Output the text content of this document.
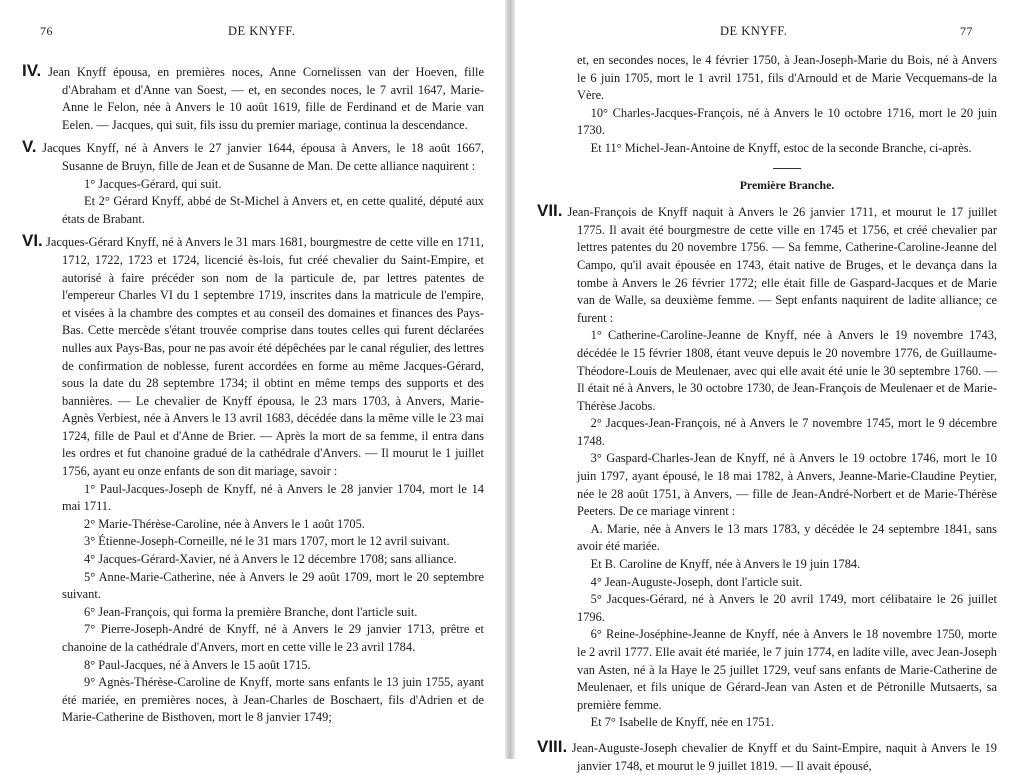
76	DE KNYFF.

IV. Jean Knyff épousa, en premières noces, Anne Cornelissen van der Hoeven, fille d'Abraham et d'Anne van Soest, — et, en secondes noces, le 7 avril 1647, Marie-Anne le Felon, née à Anvers le 10 août 1619, fille de Ferdinand et de Marie van Eelen. — Jacques, qui suit, fils issu du premier mariage, continua la descendance.

V. Jacques Knyff, né à Anvers le 27 janvier 1644, épousa à Anvers, le 18 août 1667, Susanne de Bruyn, fille de Jean et de Susanne de Man. De cette alliance naquirent :

1° Jacques-Gérard, qui suit.

Et 2° Gérard Knyff, abbé de St-Michel à Anvers et, en cette qualité, député aux états de Brabant.

VI. Jacques-Gérard Knyff, né à Anvers le 31 mars 1681, bourgmestre de cette ville en 1711, 1712, 1722, 1723 et 1724, licencié ès-lois, fut créé chevalier du Saint-Empire, et autorisé à faire précéder son nom de la particule de, par lettres patentes de l'empereur Charles VI du 1 septembre 1719, inscrites dans la matricule de l'empire, et visées à la chambre des comptes et au conseil des domaines et finances des Pays-Bas. Cette mercède s'étant trouvée comprise dans toutes celles qui furent déclarées nulles aux Pays-Bas, pour ne pas avoir été dépêchées par le canal régulier, des lettres de confirmation de noblesse, furent accordées en forme au même Jacques-Gérard, sous la date du 28 septembre 1734; il obtint en même temps des supports et des bannières. — Le chevalier de Knyff épousa, le 23 mars 1703, à Anvers, Marie-Agnès Verbiest, née à Anvers le 13 avril 1683, décédée dans la même ville le 23 mai 1724, fille de Paul et d'Anne de Brier. — Après la mort de sa femme, il entra dans les ordres et fut chanoine gradué de la cathédrale d'Anvers. — Il mourut le 1 juillet 1756, ayant eu onze enfants de son dit mariage, savoir :

1° Paul-Jacques-Joseph de Knyff, né à Anvers le 28 janvier 1704, mort le 14 mai 1711.

2° Marie-Thérèse-Caroline, née à Anvers le 1 août 1705.

3° Étienne-Joseph-Corneille, né le 31 mars 1707, mort le 12 avril suivant.

4° Jacques-Gérard-Xavier, né à Anvers le 12 décembre 1708; sans alliance.

5° Anne-Marie-Catherine, née à Anvers le 29 août 1709, mort le 20 septembre suivant.

6° Jean-François, qui forma la première Branche, dont l'article suit.

7° Pierre-Joseph-André de Knyff, né à Anvers le 29 janvier 1713, prêtre et chanoine de la cathédrale d'Anvers, mort en cette ville le 23 avril 1784.

8° Paul-Jacques, né à Anvers le 15 août 1715.

9° Agnès-Thérèse-Caroline de Knyff, morte sans enfants le 13 juin 1755, ayant été mariée, en premières noces, à Jean-Charles de Boschaert, fils d'Adrien et de Marie-Catherine de Bisthoven, mort le 8 janvier 1749;

DE KNYFF.	77

et, en secondes noces, le 4 février 1750, à Jean-Joseph-Marie du Bois, né à Anvers le 6 juin 1705, mort le 1 avril 1751, fils d'Arnould et de Marie Vecquemans-de la Vère.

10° Charles-Jacques-François, né à Anvers le 10 octobre 1716, mort le 20 juin 1730.

Et 11° Michel-Jean-Antoine de Knyff, estoc de la seconde Branche, ci-après.

Première Branche.

VII. Jean-François de Knyff naquit à Anvers le 26 janvier 1711, et mourut le 17 juillet 1775. Il avait été bourgmestre de cette ville en 1745 et 1756, et créé chevalier par lettres patentes du 20 novembre 1756. — Sa femme, Catherine-Caroline-Jeanne del Campo, qu'il avait épousée en 1743, était native de Bruges, et le devança dans la tombe à Anvers le 26 février 1772; elle était fille de Gaspard-Jacques et de Marie van de Walle, sa deuxième femme. — Sept enfants naquirent de ladite alliance; ce furent :

1° Catherine-Caroline-Jeanne de Knyff, née à Anvers le 19 novembre 1743, décédée le 15 février 1808, étant veuve depuis le 20 novembre 1776, de Guillaume-Théodore-Louis de Meulenaer, avec qui elle avait été unie le 30 septembre 1760. — Il était né à Anvers, le 30 octobre 1730, de Jean-François de Meulenaer et de Marie-Thérèse Jacobs.

2° Jacques-Jean-François, né à Anvers le 7 novembre 1745, mort le 9 décembre 1748.

3° Gaspard-Charles-Jean de Knyff, né à Anvers le 19 octobre 1746, mort le 10 juin 1797, ayant épousé, le 18 mai 1782, à Anvers, Jeanne-Marie-Claudine Peytier, née le 28 août 1751, à Anvers, — fille de Jean-André-Norbert et de Marie-Thérèse Peeters. De ce mariage vinrent :

A. Marie, née à Anvers le 13 mars 1783, y décédée le 24 septembre 1841, sans avoir été mariée.

Et B. Caroline de Knyff, née à Anvers le 19 juin 1784.

4° Jean-Auguste-Joseph, dont l'article suit.

5° Jacques-Gérard, né à Anvers le 20 avril 1749, mort célibataire le 26 juillet 1796.

6° Reine-Joséphine-Jeanne de Knyff, née à Anvers le 18 novembre 1750, morte le 2 avril 1777. Elle avait été mariée, le 7 juin 1774, en ladite ville, avec Jean-Joseph van Asten, né à la Haye le 25 juillet 1729, veuf sans enfants de Marie-Catherine de Meulenaer, et fils unique de Gérard-Jean van Asten et de Pétronille Mutsaerts, sa première femme.

Et 7° Isabelle de Knyff, née en 1751.

VIII. Jean-Auguste-Joseph chevalier de Knyff et du Saint-Empire, naquit à Anvers le 19 janvier 1748, et mourut le 9 juillet 1819. — Il avait épousé,
